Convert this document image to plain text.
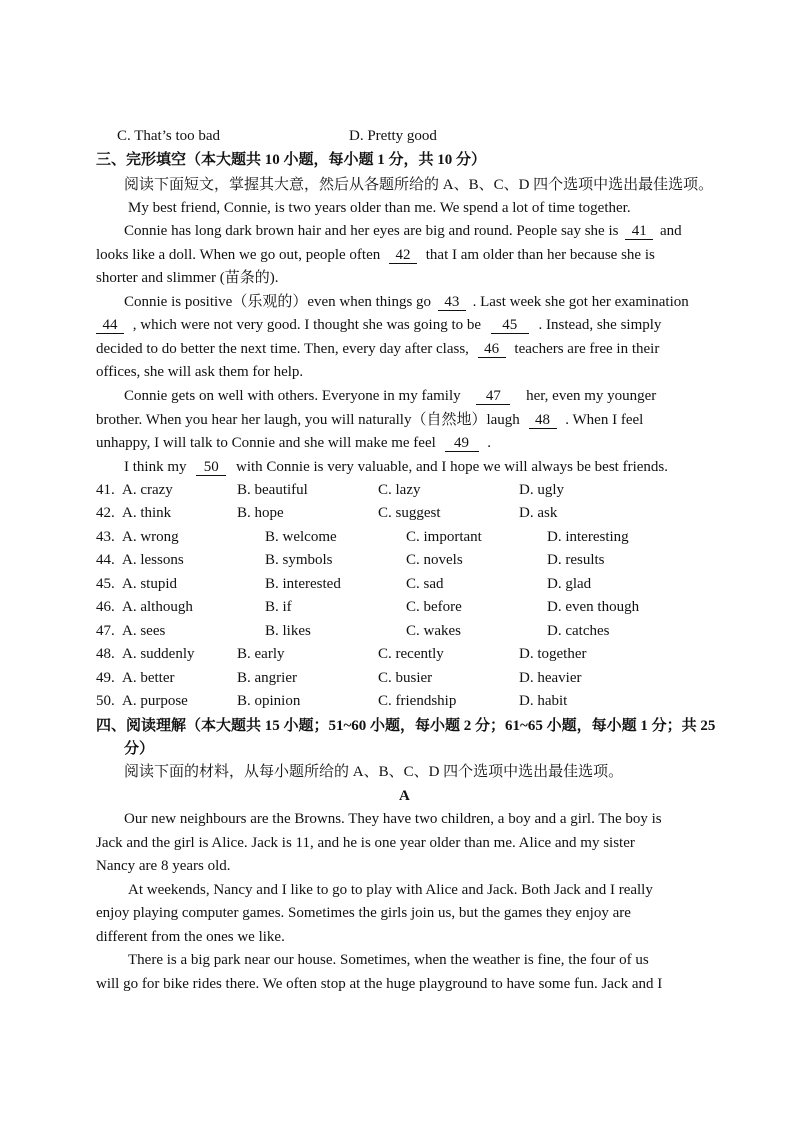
C. That’s too bad	D. Pretty good
三、完形填空（本大题共 10 小题，每小题 1 分，共 10 分）
阅读下面短文，掌握其大意，然后从各题所给的 A、B、C、D 四个选项中选出最佳选项。
My best friend, Connie, is two years older than me. We spend a lot of time together.
Connie has long dark brown hair and her eyes are big and round. People say she is 41 and
looks like a doll. When we go out, people often 42 that I am older than her because she is
shorter and slimmer (苗条的).
Connie is positive（乐观的）even when things go 43 . Last week she got her examination
44 , which were not very good. I thought she was going to be 45 . Instead, she simply
decided to do better the next time. Then, every day after class, 46 teachers are free in their
offices, she will ask them for help.
Connie gets on well with others. Everyone in my family 47 her, even my younger
brother. When you hear her laugh, you will naturally（自然地）laugh 48 . When I feel
unhappy, I will talk to Connie and she will make me feel 49 .
I think my 50 with Connie is very valuable, and I hope we will always be best friends.
41. A. crazy	B. beautiful	C. lazy	D. ugly
42. A. think	B. hope	C. suggest	D. ask
43. A. wrong	B. welcome	C. important	D. interesting
44. A. lessons	B. symbols	C. novels	D. results
45. A. stupid	B. interested	C. sad	D. glad
46. A. although	B. if	C. before	D. even though
47. A. sees	B. likes	C. wakes	D. catches
48. A. suddenly	B. early	C. recently	D. together
49. A. better	B. angrier	C. busier	D. heavier
50. A. purpose	B. opinion	C. friendship	D. habit
四、阅读理解（本大题共 15 小题；51~60 小题，每小题 2 分；61~65 小题，每小题 1 分；共 25
分）
阅读下面的材料，从每小题所给的 A、B、C、D 四个选项中选出最佳选项。
A
Our new neighbours are the Browns. They have two children, a boy and a girl. The boy is
Jack and the girl is Alice. Jack is 11, and he is one year older than me. Alice and my sister
Nancy are 8 years old.
At weekends, Nancy and I like to go to play with Alice and Jack. Both Jack and I really
enjoy playing computer games. Sometimes the girls join us, but the games they enjoy are
different from the ones we like.
There is a big park near our house. Sometimes, when the weather is fine, the four of us
will go for bike rides there. We often stop at the huge playground to have some fun. Jack and I
